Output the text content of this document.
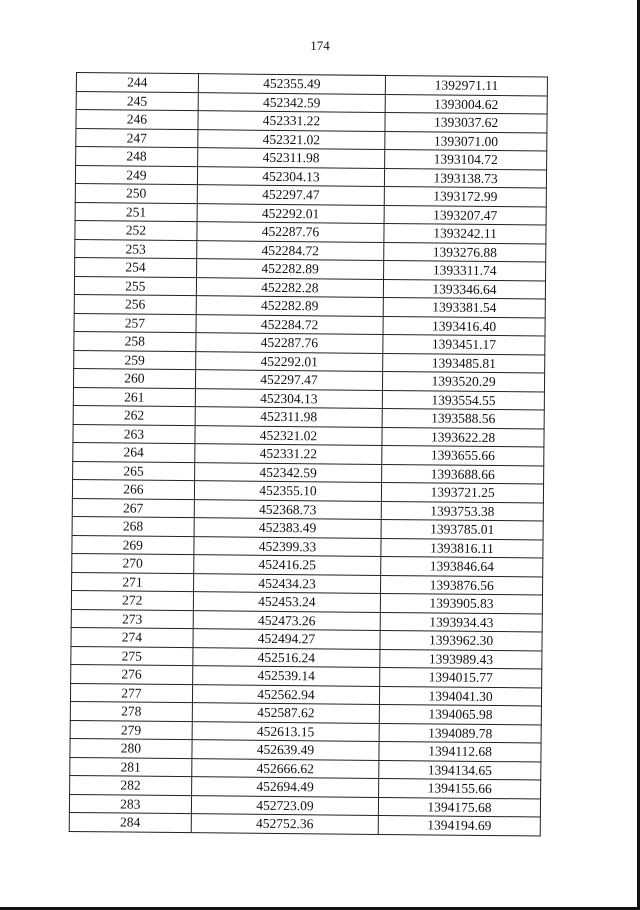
174
244	452355.49	1392971.11
245	452342.59	1393004.62
246	452331.22	1393037.62
247	452321.02	1393071.00
248	452311.98	1393104.72
249	452304.13	1393138.73
250	452297.47	1393172.99
251	452292.01	1393207.47
252	452287.76	1393242.11
253	452284.72	1393276.88
254	452282.89	1393311.74
255	452282.28	1393346.64
256	452282.89	1393381.54
257	452284.72	1393416.40
258	452287.76	1393451.17
259	452292.01	1393485.81
260	452297.47	1393520.29
261	452304.13	1393554.55
262	452311.98	1393588.56
263	452321.02	1393622.28
264	452331.22	1393655.66
265	452342.59	1393688.66
266	452355.10	1393721.25
267	452368.73	1393753.38
268	452383.49	1393785.01
269	452399.33	1393816.11
270	452416.25	1393846.64
271	452434.23	1393876.56
272	452453.24	1393905.83
273	452473.26	1393934.43
274	452494.27	1393962.30
275	452516.24	1393989.43
276	452539.14	1394015.77
277	452562.94	1394041.30
278	452587.62	1394065.98
279	452613.15	1394089.78
280	452639.49	1394112.68
281	452666.62	1394134.65
282	452694.49	1394155.66
283	452723.09	1394175.68
284	452752.36	1394194.69
